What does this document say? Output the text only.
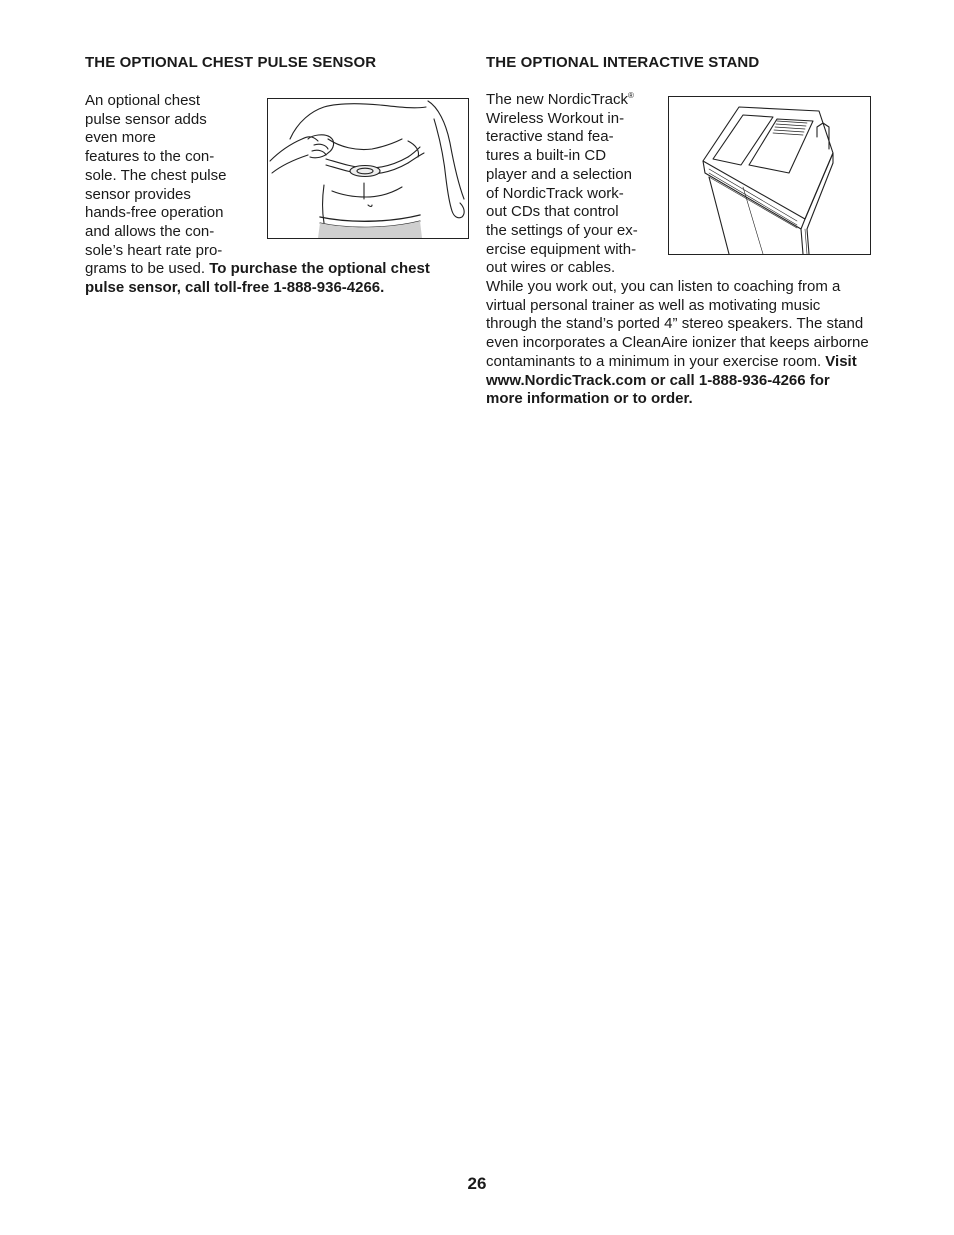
THE OPTIONAL CHEST PULSE SENSOR

An optional chest
pulse sensor adds
even more
features to the con-
sole. The chest pulse
sensor provides
hands-free operation
and allows the con-
sole’s heart rate pro-

grams to be used. To purchase the optional chest pulse sensor, call toll-free 1-888-936-4266.

THE OPTIONAL INTERACTIVE STAND

The new NordicTrack®
Wireless Workout in-
teractive stand fea-
tures a built-in CD
player and a selection
of NordicTrack work-
out CDs that control
the settings of your ex-
ercise equipment with-
out wires or cables.

While you work out, you can listen to coaching from a virtual personal trainer as well as motivating music through the stand’s ported 4” stereo speakers. The stand even incorporates a CleanAire ionizer that keeps airborne contaminants to a minimum in your exercise room. Visit www.NordicTrack.com or call 1-888-936-4266 for more information or to order.

26
